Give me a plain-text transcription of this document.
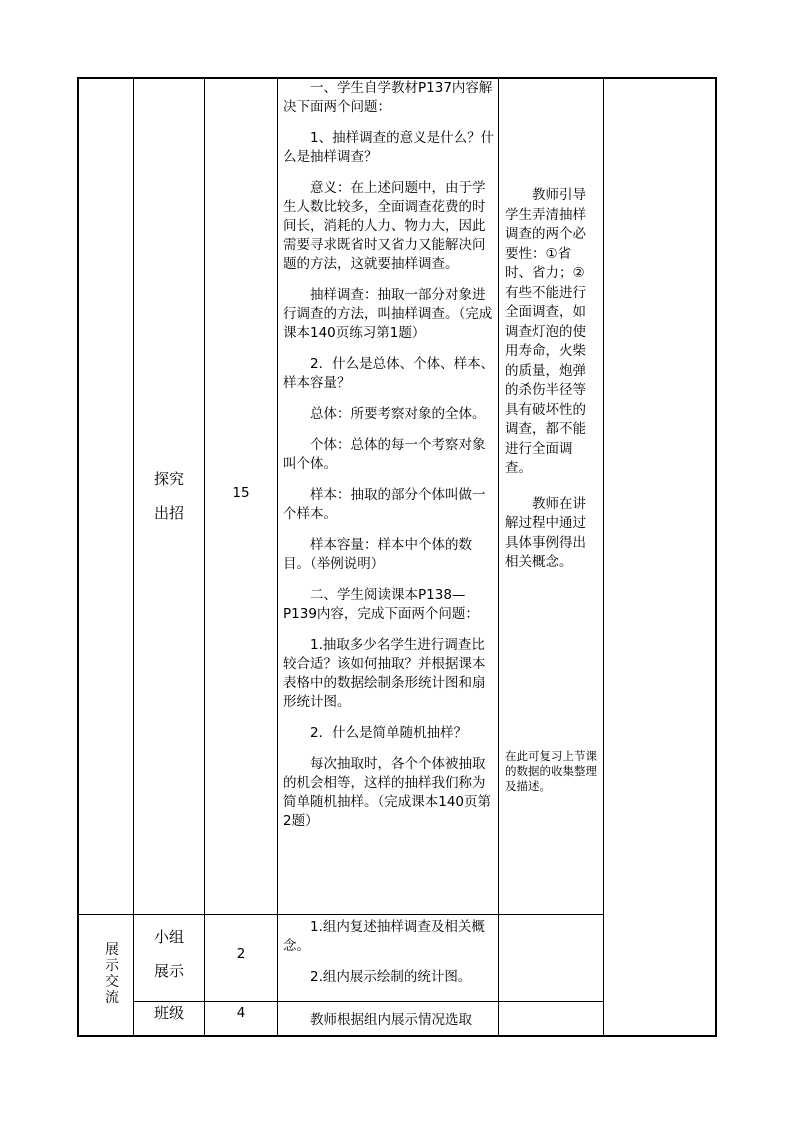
探究
出招
15

一、学生自学教材P137内容解决下面两个问题：

1、抽样调查的意义是什么？什么是抽样调查？

意义：在上述问题中，由于学生人数比较多，全面调查花费的时间长，消耗的人力、物力大，因此需要寻求既省时又省力又能解决问题的方法，这就要抽样调查。

抽样调查：抽取一部分对象进行调查的方法，叫抽样调查。（完成课本140页练习第1题）

2．什么是总体、个体、样本、样本容量？

总体：所要考察对象的全体。

个体：总体的每一个考察对象叫个体。

样本：抽取的部分个体叫做一个样本。

样本容量：样本中个体的数目。（举例说明）

二、学生阅读课本P138—P139内容，完成下面两个问题：

1.抽取多少名学生进行调查比较合适？该如何抽取？并根据课本表格中的数据绘制条形统计图和扇形统计图。

2．什么是简单随机抽样？

每次抽取时，各个个体被抽取的机会相等，这样的抽样我们称为简单随机抽样。（完成课本140页第2题）

教师引导学生弄清抽样调查的两个必要性：①省时、省力；②有些不能进行全面调查，如调查灯泡的使用寿命，火柴的质量，炮弹的杀伤半径等具有破坏性的调查，都不能进行全面调查。

教师在讲解过程中通过具体事例得出相关概念。

在此可复习上节课的数据的收集整理及描述。
展示交流
小组
展示
2

1.组内复述抽样调查及相关概念。

2.组内展示绘制的统计图。

班级	4	教师根据组内展示情况选取
